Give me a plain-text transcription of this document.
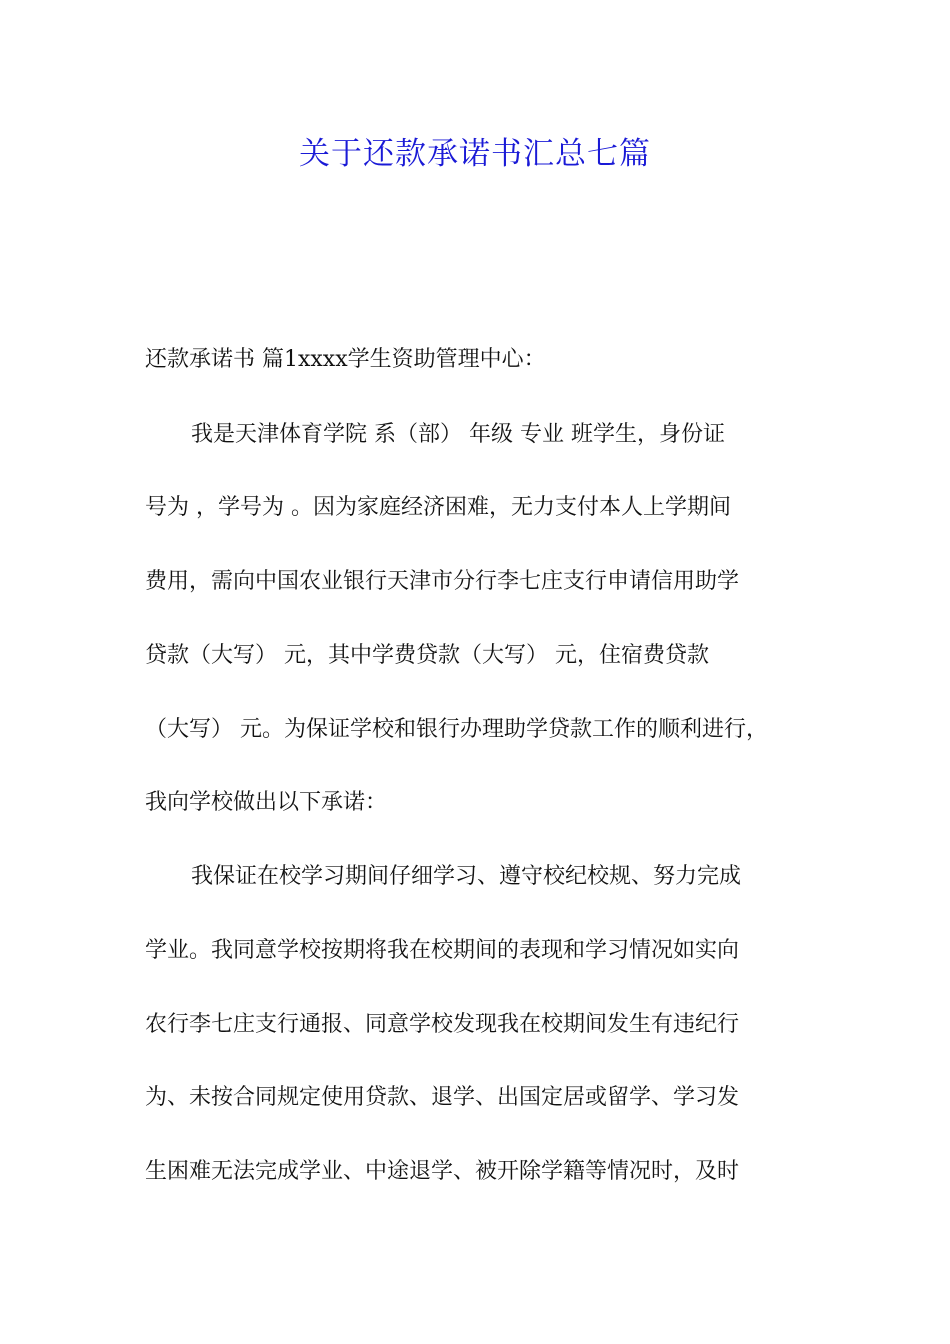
关于还款承诺书汇总七篇

还款承诺书 篇1xxxx学生资助管理中心：

我是天津体育学院 系（部） 年级 专业 班学生，身份证

号为 ，学号为 。因为家庭经济困难，无力支付本人上学期间

费用，需向中国农业银行天津市分行李七庄支行申请信用助学

贷款（大写） 元，其中学费贷款（大写） 元，住宿费贷款

（大写） 元。为保证学校和银行办理助学贷款工作的顺利进行，

我向学校做出以下承诺：

我保证在校学习期间仔细学习、遵守校纪校规、努力完成

学业。我同意学校按期将我在校期间的表现和学习情况如实向

农行李七庄支行通报、同意学校发现我在校期间发生有违纪行

为、未按合同规定使用贷款、退学、出国定居或留学、学习发

生困难无法完成学业、中途退学、被开除学籍等情况时，及时
